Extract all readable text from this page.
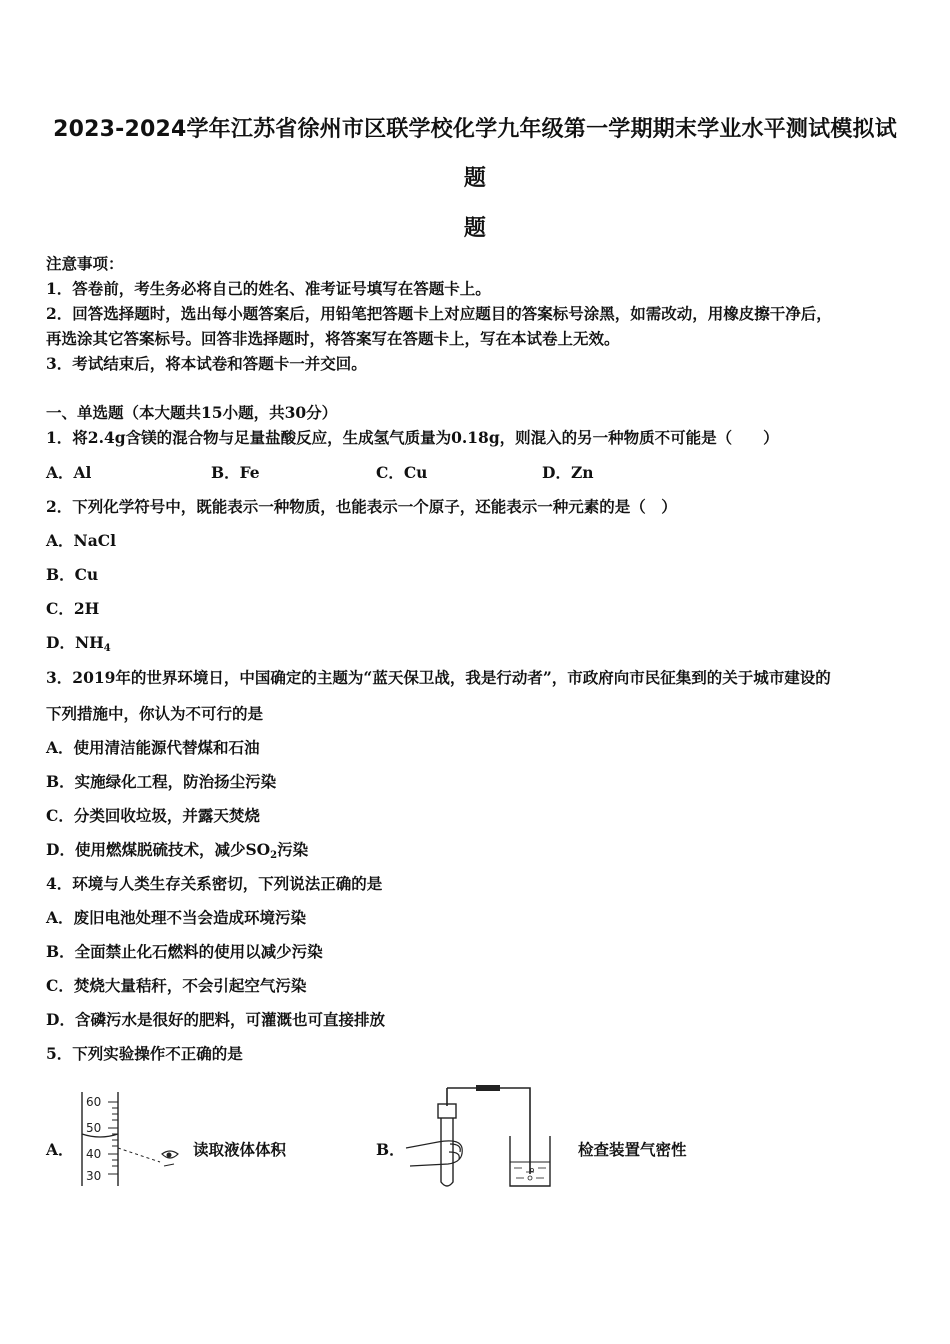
2023-2024学年江苏省徐州市区联学校化学九年级第一学期期末学业水平测试模拟试
题
题
注意事项：
1．答卷前，考生务必将自己的姓名、准考证号填写在答题卡上。
2．回答选择题时，选出每小题答案后，用铅笔把答题卡上对应题目的答案标号涂黑，如需改动，用橡皮擦干净后，
再选涂其它答案标号。回答非选择题时，将答案写在答题卡上，写在本试卷上无效。
3．考试结束后，将本试卷和答题卡一并交回。
一、单选题（本大题共15小题，共30分）
1．将2.4g含镁的混合物与足量盐酸反应，生成氢气质量为0.18g，则混入的另一种物质不可能是（　　）
A．Al	B．Fe	C．Cu	D．Zn
2．下列化学符号中，既能表示一种物质，也能表示一个原子，还能表示一种元素的是（　）
A．NaCl
B．Cu
C．2H
D．$NH_4$
3．2019年的世界环境日，中国确定的主题为“蓝天保卫战，我是行动者”，市政府向市民征集到的关于城市建设的
下列措施中，你认为不可行的是
A．使用清洁能源代替煤和石油
B．实施绿化工程，防治扬尘污染
C．分类回收垃圾，并露天焚烧
D．使用燃煤脱硫技术，减少$SO_2$污染
4．环境与人类生存关系密切，下列说法正确的是
A．废旧电池处理不当会造成环境污染
B．全面禁止化石燃料的使用以减少污染
C．焚烧大量秸秆，不会引起空气污染
D．含磷污水是很好的肥料，可灌溉也可直接排放
5．下列实验操作不正确的是
A．
60
50
40
30
读取液体体积	B．	检查装置气密性
